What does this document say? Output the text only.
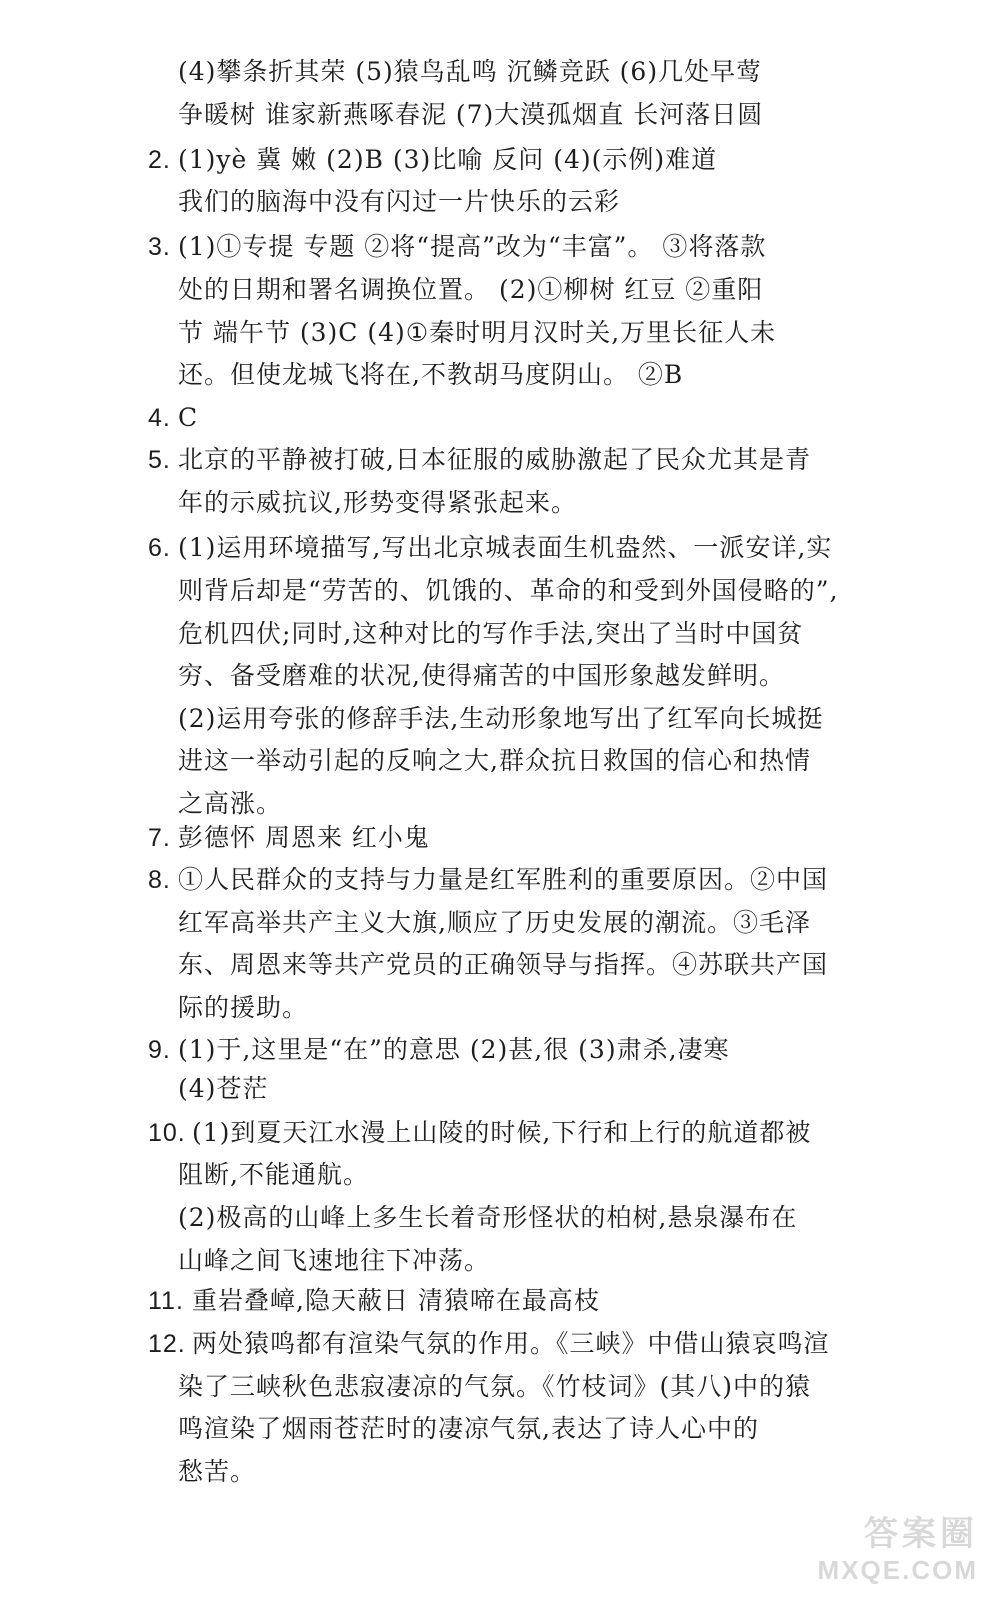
(4)攀条折其荣 (5)猿鸟乱鸣 沉鳞竞跃 (6)几处早莺
争暖树 谁家新燕啄春泥 (7)大漠孤烟直 长河落日圆
2. (1)yè 冀 嫩 (2)B (3)比喻 反问 (4)(示例)难道
我们的脑海中没有闪过一片快乐的云彩
3. (1)①专提 专题 ②将“提高”改为“丰富”。 ③将落款
处的日期和署名调换位置。 (2)①柳树 红豆 ②重阳
节 端午节 (3)C (4)①秦时明月汉时关,万里长征人未
还。但使龙城飞将在,不教胡马度阴山。 ②B
4. C
5. 北京的平静被打破,日本征服的威胁激起了民众尤其是青
年的示威抗议,形势变得紧张起来。
6. (1)运用环境描写,写出北京城表面生机盎然、一派安详,实
则背后却是“劳苦的、饥饿的、革命的和受到外国侵略的”,
危机四伏;同时,这种对比的写作手法,突出了当时中国贫
穷、备受磨难的状况,使得痛苦的中国形象越发鲜明。
(2)运用夸张的修辞手法,生动形象地写出了红军向长城挺
进这一举动引起的反响之大,群众抗日救国的信心和热情
之高涨。
7. 彭德怀 周恩来 红小鬼
8. ①人民群众的支持与力量是红军胜利的重要原因。②中国
红军高举共产主义大旗,顺应了历史发展的潮流。③毛泽
东、周恩来等共产党员的正确领导与指挥。④苏联共产国
际的援助。
9. (1)于,这里是“在”的意思 (2)甚,很 (3)肃杀,凄寒
(4)苍茫
10. (1)到夏天江水漫上山陵的时候,下行和上行的航道都被
阻断,不能通航。
(2)极高的山峰上多生长着奇形怪状的柏树,悬泉瀑布在
山峰之间飞速地往下冲荡。
11. 重岩叠嶂,隐天蔽日 清猿啼在最高枝
12. 两处猿鸣都有渲染气氛的作用。《三峡》中借山猿哀鸣渲
染了三峡秋色悲寂凄凉的气氛。《竹枝词》(其八)中的猿
鸣渲染了烟雨苍茫时的凄凉气氛,表达了诗人心中的
愁苦。
答案圈
MXQE.COM
